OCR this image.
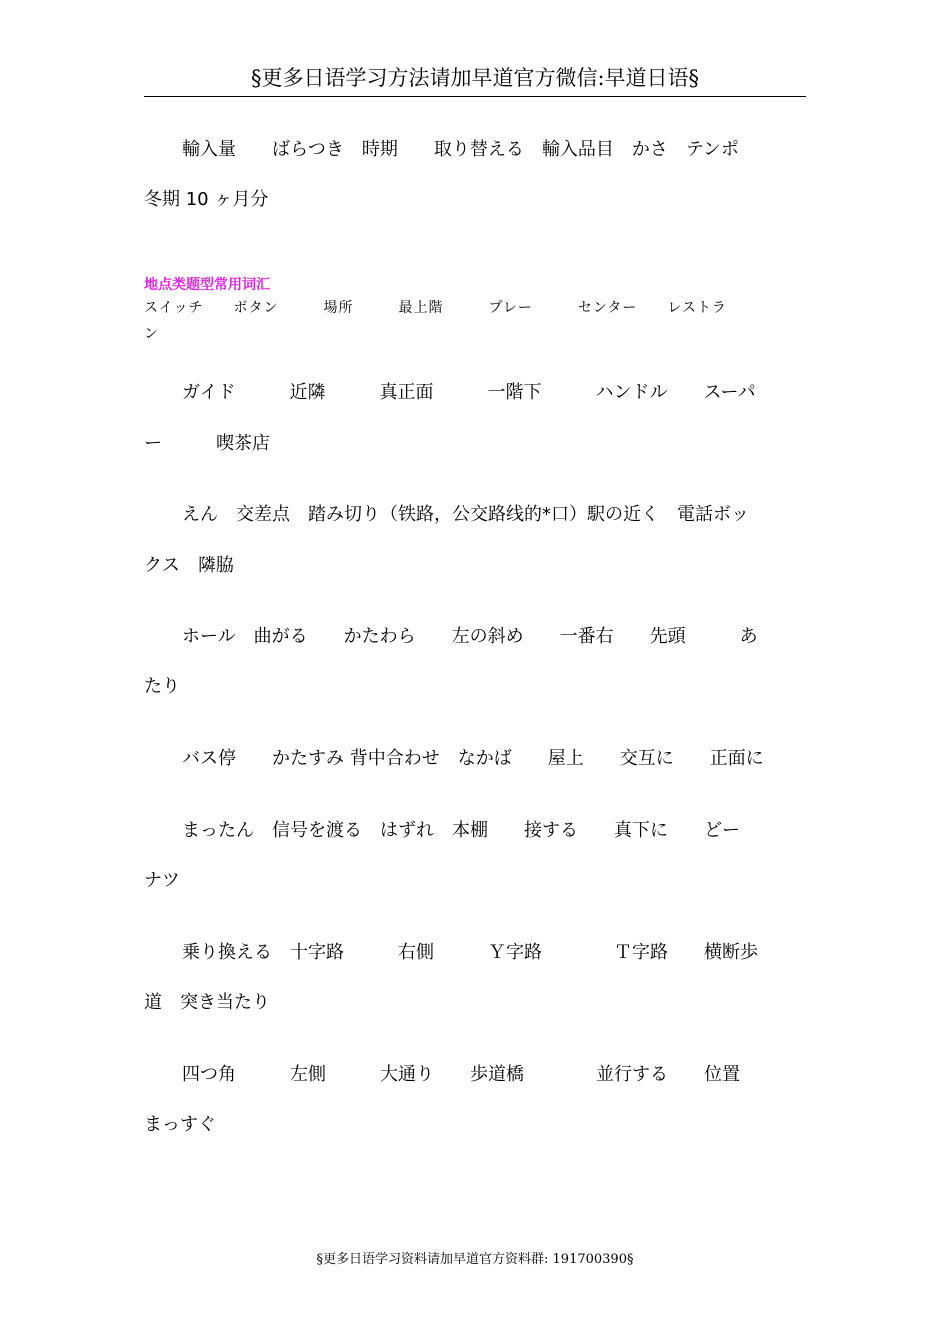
§更多日语学习方法请加早道官方微信:早道日语§
輸入量　　ばらつき　時期　　取り替える　輸入品目　かさ　テンポ
冬期 10 ヶ月分
地点类题型常用词汇
スイッチ　　ボタン　　　場所　　　最上階　　　プレー　　　センター　　レストラ
ン
ガイド　　　近隣　　　真正面　　　一階下　　　ハンドル　　スーパ
ー　　　喫茶店
えん　交差点　踏み切り（铁路，公交路线的*口）駅の近く　電話ボッ
クス　隣脇
ホール　曲がる　　かたわら　　左の斜め　　一番右　　先頭　　　あ
たり
バス停　　かたすみ 背中合わせ　なかば　　屋上　　交互に　　正面に
まったん　信号を渡る　はずれ　本棚　　接する　　真下に　　どー
ナツ
乗り換える　十字路　　　右側　　　Ｙ字路　　　　Ｔ字路　　横断歩
道　突き当たり
四つ角　　　左側　　　大通り　　歩道橋　　　　並行する　　位置
まっすぐ
§更多日语学习资料请加早道官方资料群: 191700390§
